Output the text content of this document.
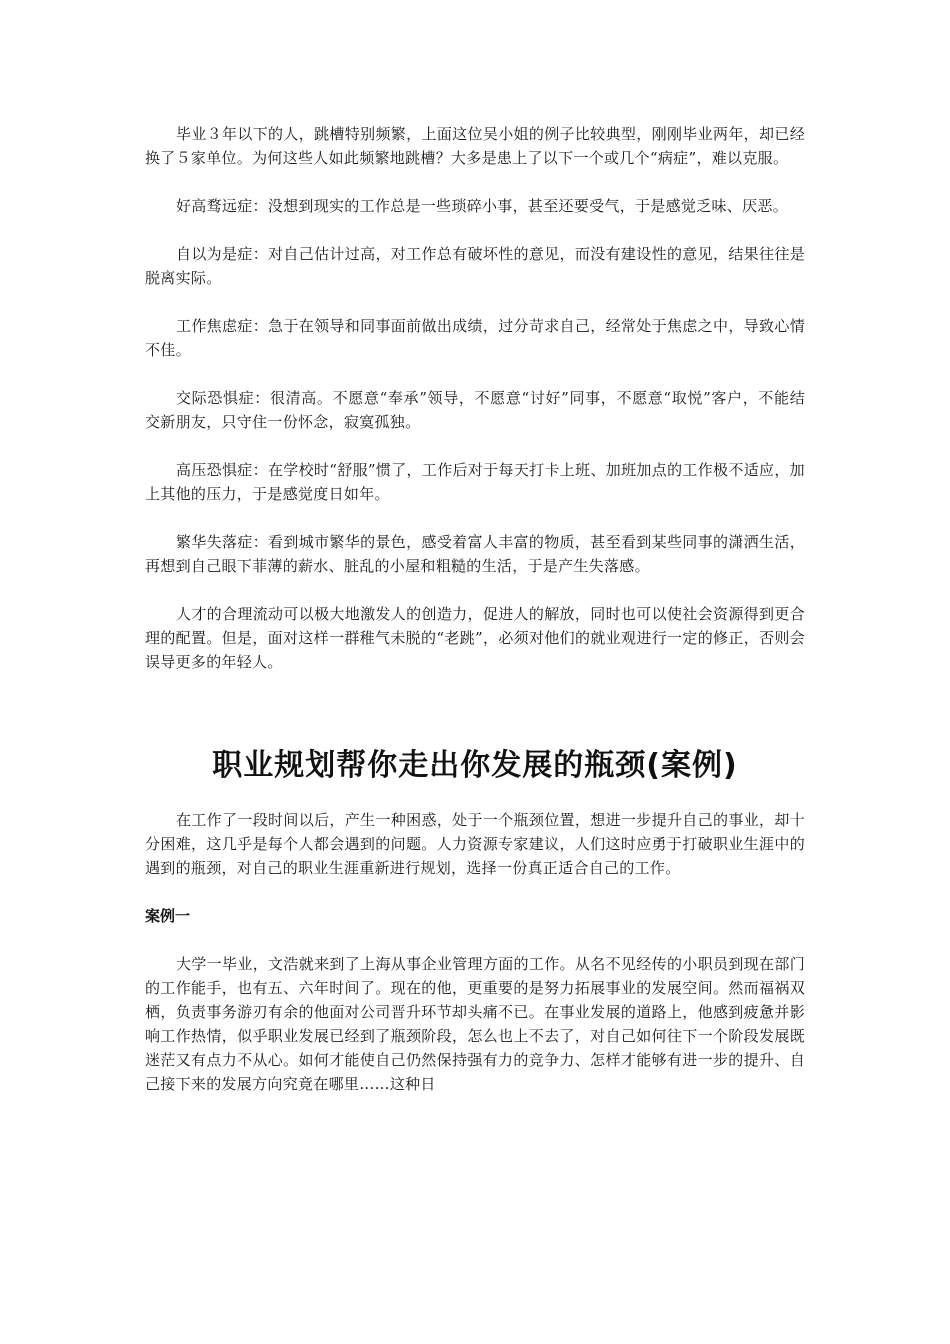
毕业３年以下的人，跳槽特别频繁，上面这位吴小姐的例子比较典型，刚刚毕业两年，却已经换了５家单位。为何这些人如此频繁地跳槽？大多是患上了以下一个或几个“病症”，难以克服。

好高骛远症：没想到现实的工作总是一些琐碎小事，甚至还要受气，于是感觉乏味、厌恶。

自以为是症：对自己估计过高，对工作总有破坏性的意见，而没有建设性的意见，结果往往是脱离实际。

工作焦虑症：急于在领导和同事面前做出成绩，过分苛求自己，经常处于焦虑之中，导致心情不佳。

交际恐惧症：很清高。不愿意“奉承”领导，不愿意“讨好”同事，不愿意“取悦”客户，不能结交新朋友，只守住一份怀念，寂寞孤独。

高压恐惧症：在学校时“舒服”惯了，工作后对于每天打卡上班、加班加点的工作极不适应，加上其他的压力，于是感觉度日如年。

繁华失落症：看到城市繁华的景色，感受着富人丰富的物质，甚至看到某些同事的潇洒生活，再想到自己眼下菲薄的薪水、脏乱的小屋和粗糙的生活，于是产生失落感。

人才的合理流动可以极大地激发人的创造力，促进人的解放，同时也可以使社会资源得到更合理的配置。但是，面对这样一群稚气未脱的“老跳”，必须对他们的就业观进行一定的修正，否则会误导更多的年轻人。

职业规划帮你走出你发展的瓶颈(案例)

在工作了一段时间以后，产生一种困惑，处于一个瓶颈位置，想进一步提升自己的事业，却十分困难，这几乎是每个人都会遇到的问题。人力资源专家建议，人们这时应勇于打破职业生涯中的遇到的瓶颈，对自己的职业生涯重新进行规划，选择一份真正适合自己的工作。

案例一

大学一毕业，文浩就来到了上海从事企业管理方面的工作。从名不见经传的小职员到现在部门的工作能手，也有五、六年时间了。现在的他，更重要的是努力拓展事业的发展空间。然而福祸双栖，负责事务游刃有余的他面对公司晋升环节却头痛不已。在事业发展的道路上，他感到疲惫并影响工作热情，似乎职业发展已经到了瓶颈阶段，怎么也上不去了，对自己如何往下一个阶段发展既迷茫又有点力不从心。如何才能使自己仍然保持强有力的竞争力、怎样才能够有进一步的提升、自己接下来的发展方向究竟在哪里……这种日
